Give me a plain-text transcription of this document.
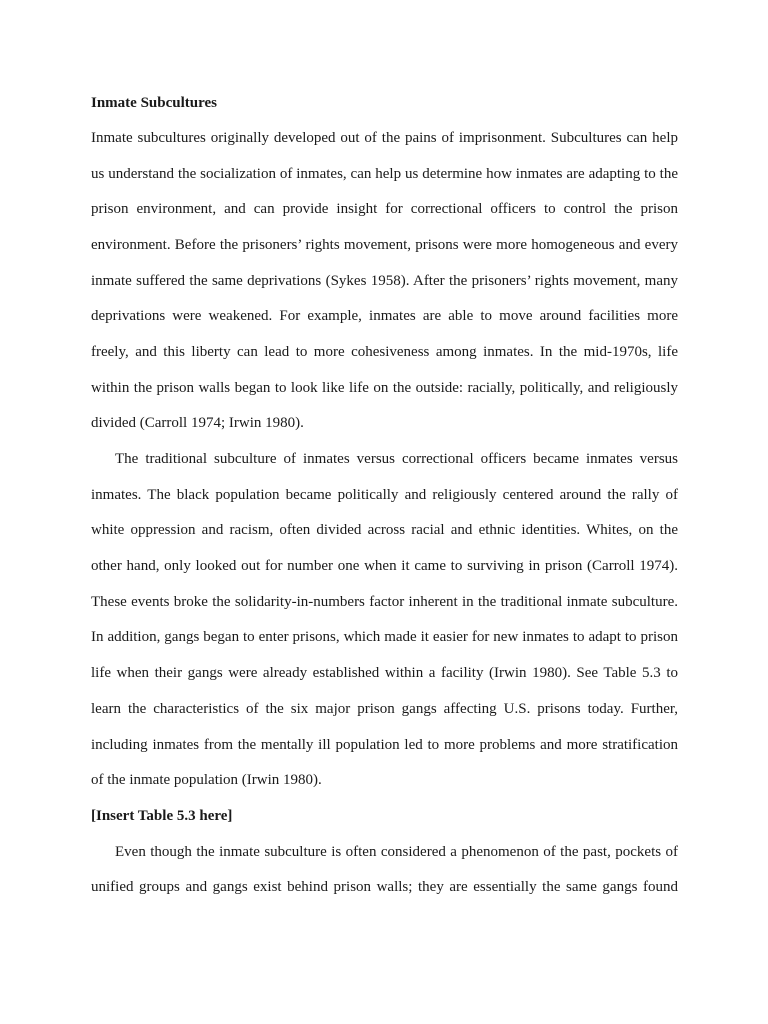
Inmate Subcultures
Inmate subcultures originally developed out of the pains of imprisonment. Subcultures can help
us understand the socialization of inmates, can help us determine how inmates are adapting to the
prison environment, and can provide insight for correctional officers to control the prison
environment. Before the prisoners’ rights movement, prisons were more homogeneous and every
inmate suffered the same deprivations (Sykes 1958). After the prisoners’ rights movement, many
deprivations were weakened. For example, inmates are able to move around facilities more
freely, and this liberty can lead to more cohesiveness among inmates. In the mid-1970s, life
within the prison walls began to look like life on the outside: racially, politically, and religiously
divided (Carroll 1974; Irwin 1980).
The traditional subculture of inmates versus correctional officers became inmates versus
inmates. The black population became politically and religiously centered around the rally of
white oppression and racism, often divided across racial and ethnic identities. Whites, on the
other hand, only looked out for number one when it came to surviving in prison (Carroll 1974).
These events broke the solidarity-in-numbers factor inherent in the traditional inmate subculture.
In addition, gangs began to enter prisons, which made it easier for new inmates to adapt to prison
life when their gangs were already established within a facility (Irwin 1980). See Table 5.3 to
learn the characteristics of the six major prison gangs affecting U.S. prisons today. Further,
including inmates from the mentally ill population led to more problems and more stratification
of the inmate population (Irwin 1980).
[Insert Table 5.3 here]
Even though the inmate subculture is often considered a phenomenon of the past, pockets of
unified groups and gangs exist behind prison walls; they are essentially the same gangs found
